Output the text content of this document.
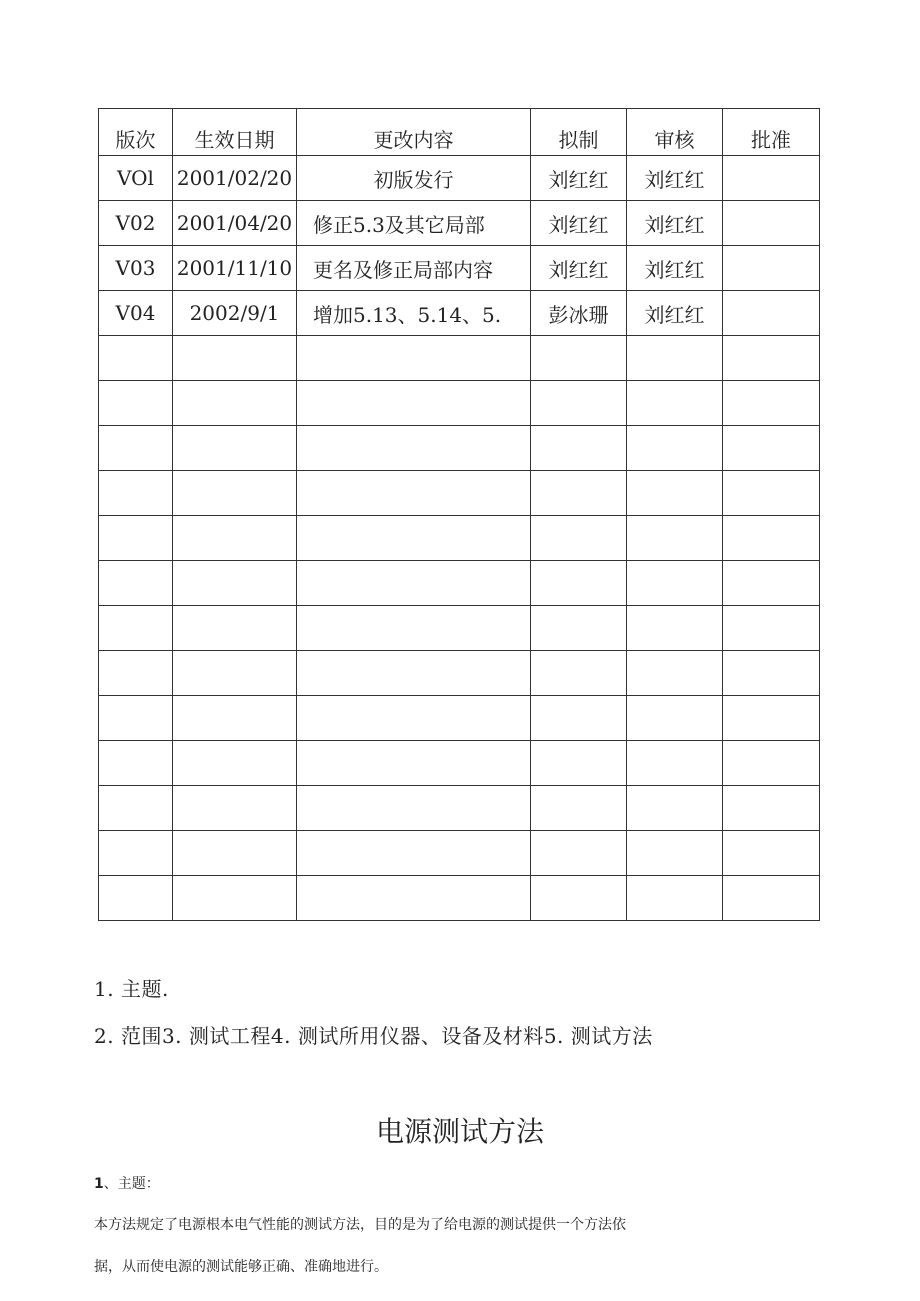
版次	生效日期	更改内容	拟制	审核	批准
VOl	2001/02/20	初版发行	刘红红	刘红红	
V02	2001/04/20	修正5.3及其它局部	刘红红	刘红红	
V03	2001/11/10	更名及修正局部内容	刘红红	刘红红	
V04	2002/9/1	增加5.13、5.14、5.	彭冰珊	刘红红	

1. 主题.
2. 范围3. 测试工程4. 测试所用仪器、设备及材料5. 测试方法
电源测试方法
1、主题：
本方法规定了电源根本电气性能的测试方法，目的是为了给电源的测试提供一个方法依
据，从而使电源的测试能够正确、准确地进行。
